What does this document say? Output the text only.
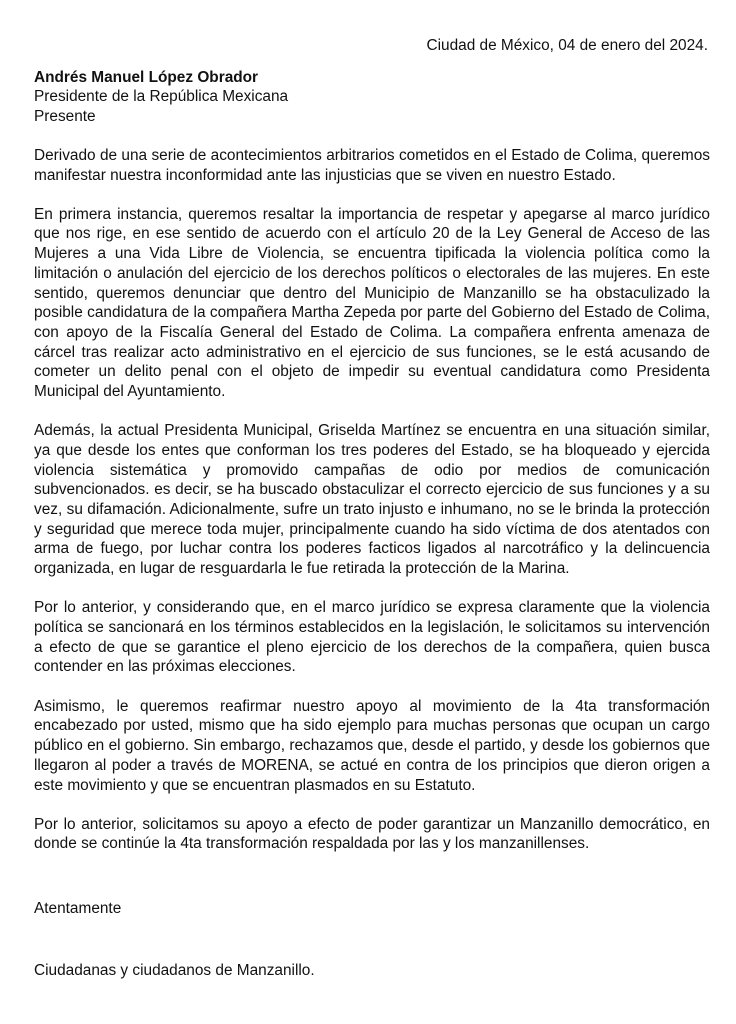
Ciudad de México, 04 de enero del 2024.

Andrés Manuel López Obrador

Presidente de la República Mexicana

Presente

Derivado de una serie de acontecimientos arbitrarios cometidos en el Estado de Colima, queremos manifestar nuestra inconformidad ante las injusticias que se viven en nuestro Estado.

En primera instancia, queremos resaltar la importancia de respetar y apegarse al marco jurídico que nos rige, en ese sentido de acuerdo con el artículo 20 de la Ley General de Acceso de las Mujeres a una Vida Libre de Violencia, se encuentra tipificada la violencia política como la limitación o anulación del ejercicio de los derechos políticos o electorales de las mujeres. En este sentido, queremos denunciar que dentro del Municipio de Manzanillo se ha obstaculizado la posible candidatura de la compañera Martha Zepeda por parte del Gobierno del Estado de Colima, con apoyo de la Fiscalía General del Estado de Colima. La compañera enfrenta amenaza de cárcel tras realizar acto administrativo en el ejercicio de sus funciones, se le está acusando de cometer un delito penal con el objeto de impedir su eventual candidatura como Presidenta Municipal del Ayuntamiento.

Además, la actual Presidenta Municipal, Griselda Martínez se encuentra en una situación similar, ya que desde los entes que conforman los tres poderes del Estado, se ha bloqueado y ejercida violencia sistemática y promovido campañas de odio por medios de comunicación subvencionados. es decir, se ha buscado obstaculizar el correcto ejercicio de sus funciones y a su vez, su difamación. Adicionalmente, sufre un trato injusto e inhumano, no se le brinda la protección y seguridad que merece toda mujer, principalmente cuando ha sido víctima de dos atentados con arma de fuego, por luchar contra los poderes facticos ligados al narcotráfico y la delincuencia organizada, en lugar de resguardarla le fue retirada la protección de la Marina.

Por lo anterior, y considerando que, en el marco jurídico se expresa claramente que la violencia política se sancionará en los términos establecidos en la legislación, le solicitamos su intervención a efecto de que se garantice el pleno ejercicio de los derechos de la compañera, quien busca contender en las próximas elecciones.

Asimismo, le queremos reafirmar nuestro apoyo al movimiento de la 4ta transformación encabezado por usted, mismo que ha sido ejemplo para muchas personas que ocupan un cargo público en el gobierno. Sin embargo, rechazamos que, desde el partido, y desde los gobiernos que llegaron al poder a través de MORENA, se actué en contra de los principios que dieron origen a este movimiento y que se encuentran plasmados en su Estatuto.

Por lo anterior, solicitamos su apoyo a efecto de poder garantizar un Manzanillo democrático, en donde se continúe la 4ta transformación respaldada por las y los manzanillenses.

Atentamente

Ciudadanas y ciudadanos de Manzanillo.
